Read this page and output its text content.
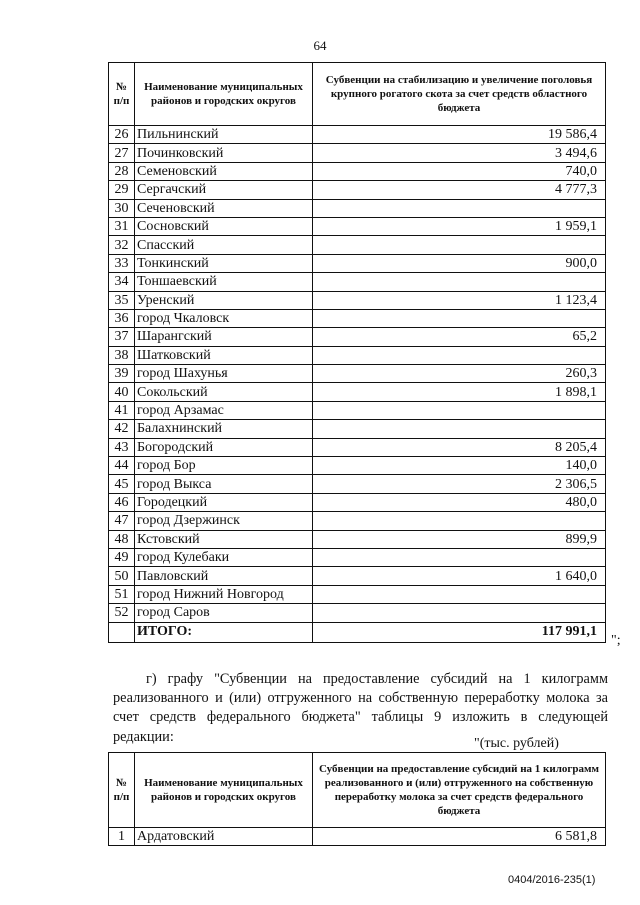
64
№ п/п	Наименование муниципальных районов и городских округов	Субвенции на стабилизацию и увеличение поголовья крупного рогатого скота за счет средств областного бюджета
26	Пильнинский	19 586,4
27	Починковский	3 494,6
28	Семеновский	740,0
29	Сергачский	4 777,3
30	Сеченовский	
31	Сосновский	1 959,1
32	Спасский	
33	Тонкинский	900,0
34	Тоншаевский	
35	Уренский	1 123,4
36	город Чкаловск	
37	Шарангский	65,2
38	Шатковский	
39	город Шахунья	260,3
40	Сокольский	1 898,1
41	город Арзамас	
42	Балахнинский	
43	Богородский	8 205,4
44	город Бор	140,0
45	город Выкса	2 306,5
46	Городецкий	480,0
47	город Дзержинск	
48	Кстовский	899,9
49	город Кулебаки	
50	Павловский	1 640,0
51	город Нижний Новгород	
52	город Саров	
	ИТОГО:	117 991,1
";

г) графу "Субвенции на предоставление субсидий на 1 килограмм реализованного и (или) отгруженного на собственную переработку молока за счет средств федерального бюджета" таблицы 9 изложить в следующей редакции:	"(тыс. рублей)
№ п/п	Наименование муниципальных районов и городских округов	Субвенции на предоставление субсидий на 1 килограмм реализованного и (или) отгруженного на собственную переработку молока за счет средств федерального бюджета
1	Ардатовский	6 581,8
0404/2016-235(1)
